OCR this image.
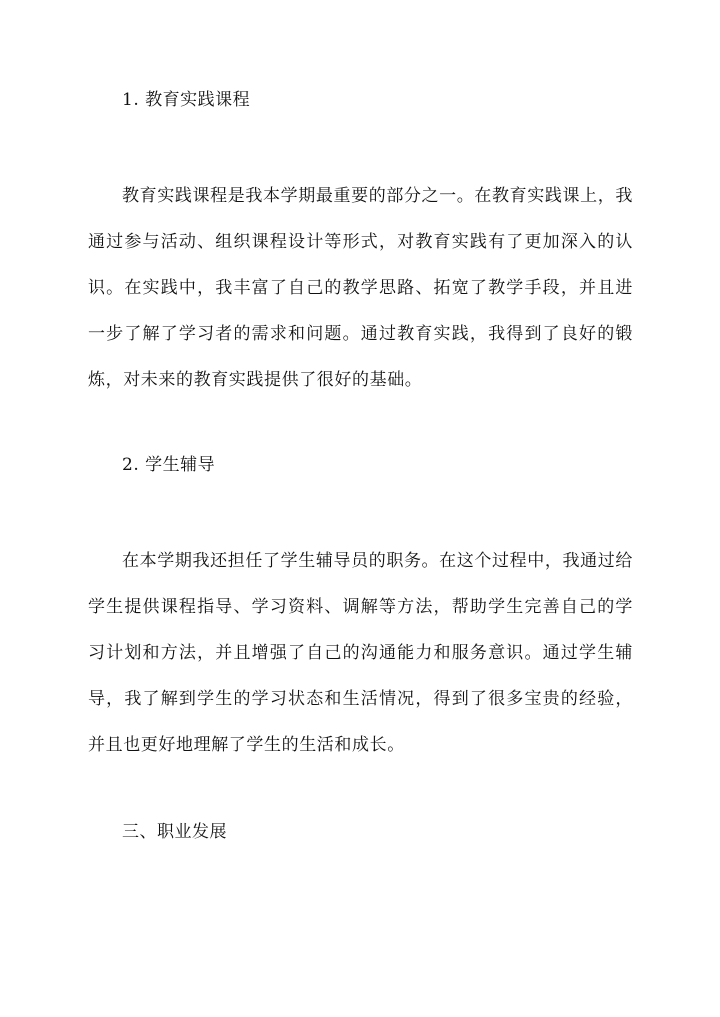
1. 教育实践课程

教育实践课程是我本学期最重要的部分之一。在教育实践课上，我通过参与活动、组织课程设计等形式，对教育实践有了更加深入的认识。在实践中，我丰富了自己的教学思路、拓宽了教学手段，并且进一步了解了学习者的需求和问题。通过教育实践，我得到了良好的锻炼，对未来的教育实践提供了很好的基础。

2. 学生辅导

在本学期我还担任了学生辅导员的职务。在这个过程中，我通过给学生提供课程指导、学习资料、调解等方法，帮助学生完善自己的学习计划和方法，并且增强了自己的沟通能力和服务意识。通过学生辅导，我了解到学生的学习状态和生活情况，得到了很多宝贵的经验，并且也更好地理解了学生的生活和成长。

三、职业发展
